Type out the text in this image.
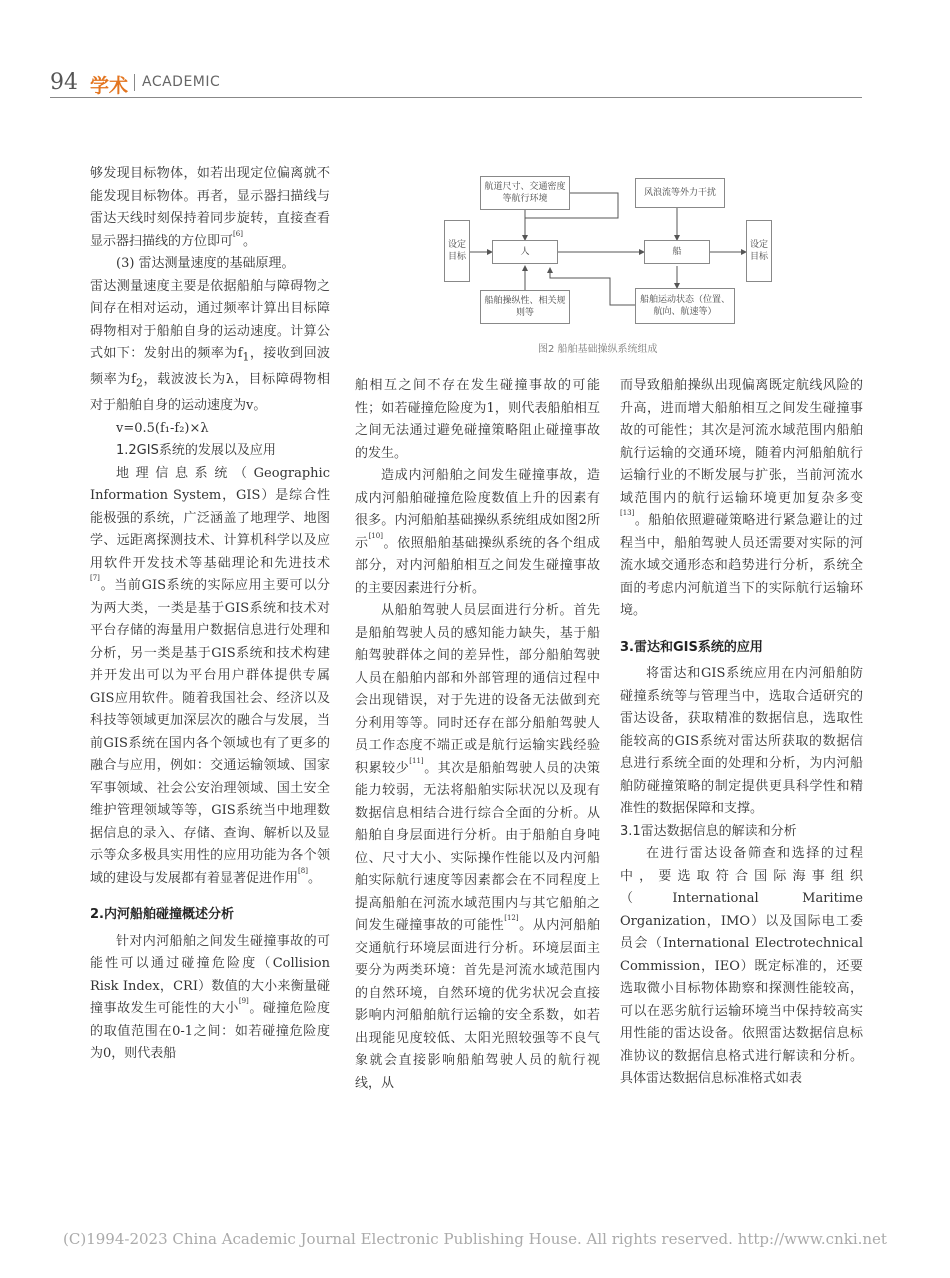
94 学术 ACADEMIC

够发现目标物体，如若出现定位偏离就不能发现目标物体。再者，显示器扫描线与雷达天线时刻保持着同步旋转，直接查看显示器扫描线的方位即可[6]。

(3) 雷达测量速度的基础原理。

雷达测量速度主要是依据船舶与障碍物之间存在相对运动，通过频率计算出目标障碍物相对于船舶自身的运动速度。计算公式如下：发射出的频率为$f_1$，接收到回波频率为$f_2$，载波波长为λ，目标障碍物相对于船舶自身的运动速度为v。

v=0.5(f₁-f₂)×λ

1.2GIS系统的发展以及应用

地理信息系统（Geographic Information System，GIS）是综合性能极强的系统，广泛涵盖了地理学、地图学、远距离探测技术、计算机科学以及应用软件开发技术等基础理论和先进技术[7]。当前GIS系统的实际应用主要可以分为两大类，一类是基于GIS系统和技术对平台存储的海量用户数据信息进行处理和分析，另一类是基于GIS系统和技术构建并开发出可以为平台用户群体提供专属GIS应用软件。随着我国社会、经济以及科技等领域更加深层次的融合与发展，当前GIS系统在国内各个领域也有了更多的融合与应用，例如：交通运输领域、国家军事领域、社会公安治理领域、国土安全维护管理领域等等，GIS系统当中地理数据信息的录入、存储、查询、解析以及显示等众多极具实用性的应用功能为各个领域的建设与发展都有着显著促进作用[8]。

2.内河船舶碰撞概述分析

针对内河船舶之间发生碰撞事故的可能性可以通过碰撞危险度（Collision Risk Index，CRI）数值的大小来衡量碰撞事故发生可能性的大小[9]。碰撞危险度的取值范围在0-1之间：如若碰撞危险度为0，则代表船

航道尺寸、交通密度等航行环境
风浪流等外力干扰
设定目标	人	船
设定目标
船舶操纵性、相关规则等
船舶运动状态（位置、航向、航速等）
图2 船舶基础操纵系统组成

舶相互之间不存在发生碰撞事故的可能性；如若碰撞危险度为1，则代表船舶相互之间无法通过避免碰撞策略阻止碰撞事故的发生。

造成内河船舶之间发生碰撞事故，造成内河船舶碰撞危险度数值上升的因素有很多。内河船舶基础操纵系统组成如图2所示[10]。依照船舶基础操纵系统的各个组成部分，对内河船舶相互之间发生碰撞事故的主要因素进行分析。

从船舶驾驶人员层面进行分析。首先是船舶驾驶人员的感知能力缺失，基于船舶驾驶群体之间的差异性，部分船舶驾驶人员在船舶内部和外部管理的通信过程中会出现错误，对于先进的设备无法做到充分利用等等。同时还存在部分船舶驾驶人员工作态度不端正或是航行运输实践经验积累较少[11]。其次是船舶驾驶人员的决策能力较弱，无法将船舶实际状况以及现有数据信息相结合进行综合全面的分析。从船舶自身层面进行分析。由于船舶自身吨位、尺寸大小、实际操作性能以及内河船舶实际航行速度等因素都会在不同程度上提高船舶在河流水域范围内与其它船舶之间发生碰撞事故的可能性[12]。从内河船舶交通航行环境层面进行分析。环境层面主要分为两类环境：首先是河流水域范围内的自然环境，自然环境的优劣状况会直接影响内河船舶航行运输的安全系数，如若出现能见度较低、太阳光照较强等不良气象就会直接影响船舶驾驶人员的航行视线，从

而导致船舶操纵出现偏离既定航线风险的升高，进而增大船舶相互之间发生碰撞事故的可能性；其次是河流水域范围内船舶航行运输的交通环境，随着内河船舶航行运输行业的不断发展与扩张，当前河流水域范围内的航行运输环境更加复杂多变[13]。船舶依照避碰策略进行紧急避让的过程当中，船舶驾驶人员还需要对实际的河流水域交通形态和趋势进行分析，系统全面的考虑内河航道当下的实际航行运输环境。

3.雷达和GIS系统的应用

将雷达和GIS系统应用在内河船舶防碰撞系统等与管理当中，选取合适研究的雷达设备，获取精准的数据信息，选取性能较高的GIS系统对雷达所获取的数据信息进行系统全面的处理和分析，为内河船舶防碰撞策略的制定提供更具科学性和精准性的数据保障和支撑。

3.1雷达数据信息的解读和分析

在进行雷达设备筛查和选择的过程中，要选取符合国际海事组织（International Maritime Organization，IMO）以及国际电工委员会（International Electrotechnical Commission，IEO）既定标准的，还要选取微小目标物体勘察和探测性能较高，可以在恶劣航行运输环境当中保持较高实用性能的雷达设备。依照雷达数据信息标准协议的数据信息格式进行解读和分析。具体雷达数据信息标准格式如表

(C)1994-2023 China Academic Journal Electronic Publishing House. All rights reserved. http://www.cnki.net
